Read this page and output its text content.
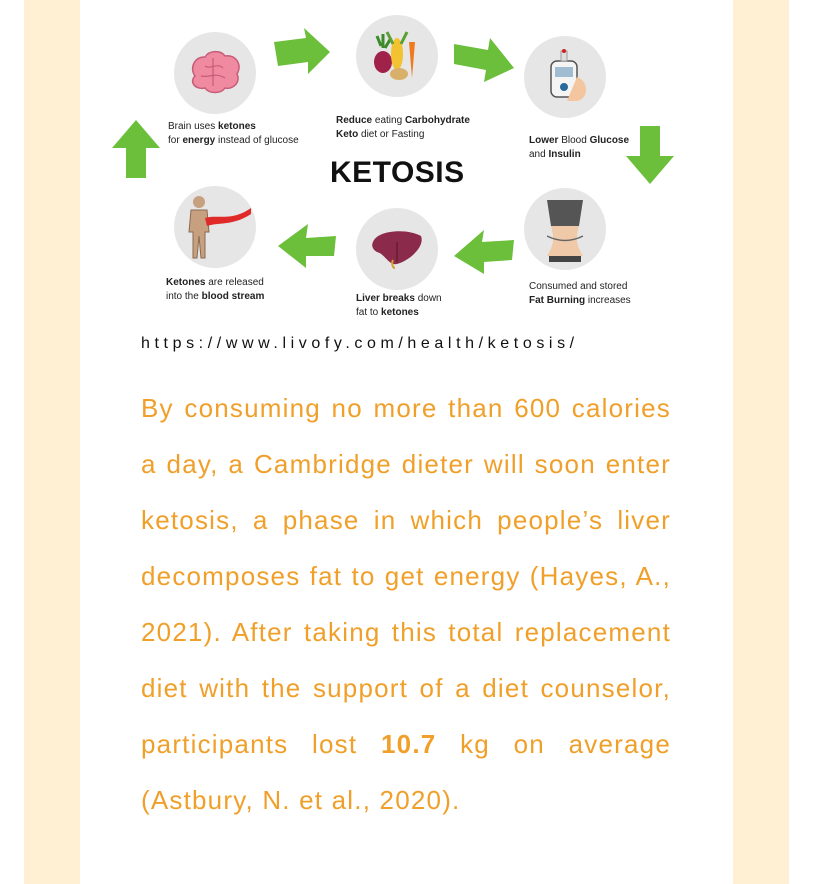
Brain uses ketones
for energy instead of glucose
Reduce eating Carbohydrate
Keto diet or Fasting
Lower Blood Glucose
and Insulin
Consumed and stored
Fat Burning increases
Liver breaks down
fat to ketones
Ketones are released
into the blood stream
KETOSIS
https://www.livofy.com/health/ketosis/
By consuming no more than 600 calories a day, a Cambridge dieter will soon enter ketosis, a phase in which people’s liver decomposes fat to get energy (Hayes, A., 2021). After taking this total replacement diet with the support of a diet counselor, participants lost 10.7 kg on average (Astbury, N. et al., 2020).
